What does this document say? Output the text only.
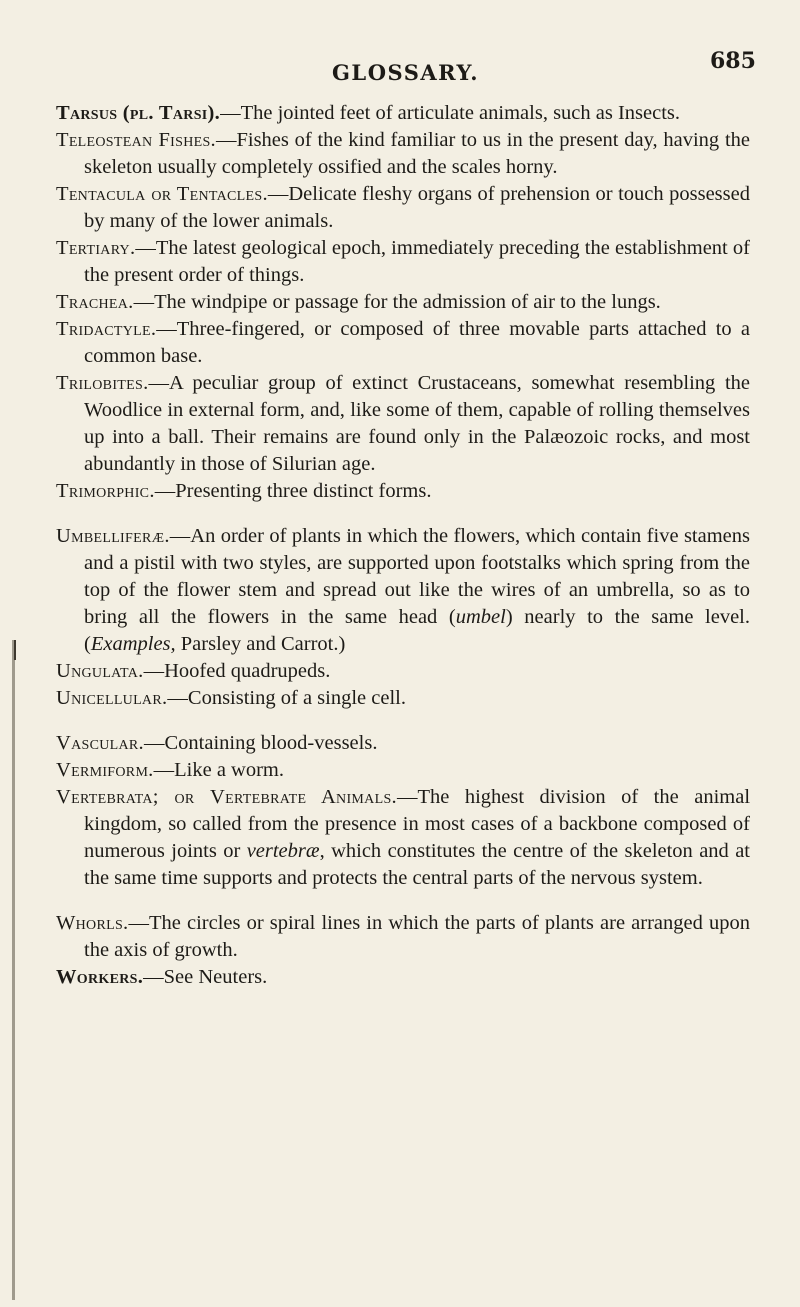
GLOSSARY.	685

Tarsus (pl. Tarsi).—The jointed feet of articulate animals, such as Insects.

Teleostean Fishes.—Fishes of the kind familiar to us in the present day, having the skeleton usually completely ossified and the scales horny.

Tentacula or Tentacles.—Delicate fleshy organs of prehension or touch possessed by many of the lower animals.

Tertiary.—The latest geological epoch, immediately preceding the establishment of the present order of things.

Trachea.—The windpipe or passage for the admission of air to the lungs.

Tridactyle.—Three-fingered, or composed of three movable parts attached to a common base.

Trilobites.—A peculiar group of extinct Crustaceans, somewhat resembling the Woodlice in external form, and, like some of them, capable of rolling themselves up into a ball. Their remains are found only in the Palæozoic rocks, and most abundantly in those of Silurian age.

Trimorphic.—Presenting three distinct forms.

Umbelliferæ.—An order of plants in which the flowers, which contain five stamens and a pistil with two styles, are supported upon footstalks which spring from the top of the flower stem and spread out like the wires of an umbrella, so as to bring all the flowers in the same head (umbel) nearly to the same level. (Examples, Parsley and Carrot.)

Ungulata.—Hoofed quadrupeds.

Unicellular.—Consisting of a single cell.

Vascular.—Containing blood-vessels.

Vermiform.—Like a worm.

Vertebrata; or Vertebrate Animals.—The highest division of the animal kingdom, so called from the presence in most cases of a backbone composed of numerous joints or vertebræ, which constitutes the centre of the skeleton and at the same time supports and protects the central parts of the nervous system.

Whorls.—The circles or spiral lines in which the parts of plants are arranged upon the axis of growth.

Workers.—See Neuters.
